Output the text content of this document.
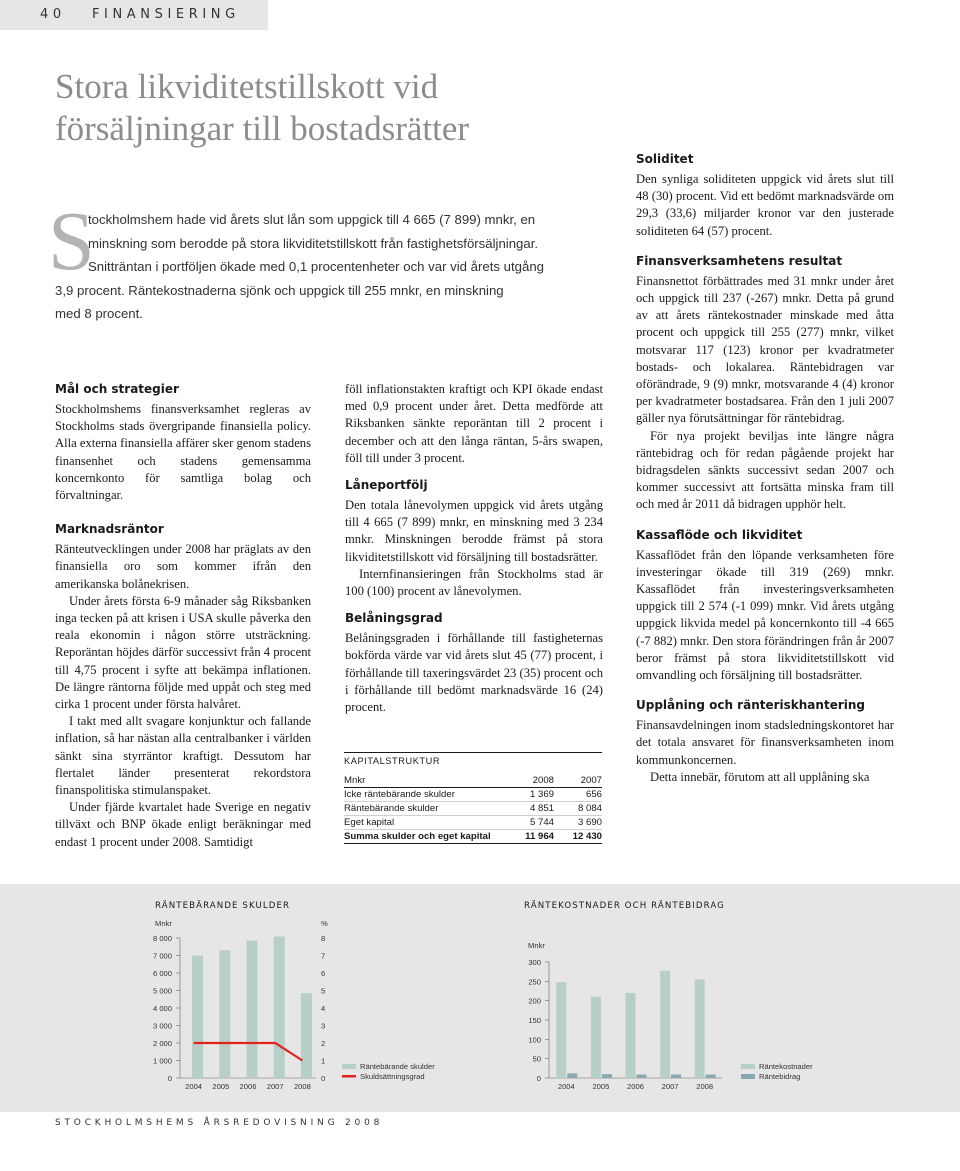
40 FINANSIERING
Stora likviditetstillskott vid
försäljningar till bostadsrätter
S
tockholmshem hade vid årets slut lån som uppgick till 4 665 (7 899) mnkr, en
minskning som berodde på stora likviditetstillskott från fastighetsförsäljningar.
Snitträntan i portföljen ökade med 0,1 procentenheter och var vid årets utgång
3,9 procent. Räntekostnaderna sjönk och uppgick till 255 mnkr, en minskning
med 8 procent.
Mål och strategier

Stockholmshems finansverksamhet regleras av Stockholms stads övergripande finansiella policy. Alla externa finansiella affärer sker genom stadens finansenhet och stadens gemensamma koncernkonto för samtliga bolag och förvaltningar.

Marknadsräntor

Ränteutvecklingen under 2008 har präglats av den finansiella oro som kommer ifrån den amerikanska bolånekrisen.

Under årets första 6-9 månader såg Riksbanken inga tecken på att krisen i USA skulle påverka den reala ekonomin i någon större utsträckning. Reporäntan höjdes därför successivt från 4 procent till 4,75 procent i syfte att bekämpa inflationen. De längre räntorna följde med uppåt och steg med cirka 1 procent under första halvåret.

I takt med allt svagare konjunktur och fallande inflation, så har nästan alla centralbanker i världen sänkt sina styrräntor kraftigt. Dessutom har flertalet länder presenterat rekordstora finanspolitiska stimulanspaket.

Under fjärde kvartalet hade Sverige en negativ tillväxt och BNP ökade enligt beräkningar med endast 1 procent under 2008. Samtidigt

föll inflationstakten kraftigt och KPI ökade endast med 0,9 procent under året. Detta medförde att Riksbanken sänkte reporäntan till 2 procent i december och att den långa räntan, 5-års swapen, föll till under 3 procent.

Låneportfölj

Den totala lånevolymen uppgick vid årets utgång till 4 665 (7 899) mnkr, en minskning med 3 234 mnkr. Minskningen berodde främst på stora likviditetstillskott vid försäljning till bostadsrätter.

Internfinansieringen från Stockholms stad är 100 (100) procent av lånevolymen.

Belåningsgrad

Belåningsgraden i förhållande till fastigheternas bokförda värde var vid årets slut 45 (77) procent, i förhållande till taxeringsvärdet 23 (35) procent och i förhållande till bedömt marknadsvärde 16 (24) procent.

KAPITALSTRUKTUR
Mnkr	2008	2007
Icke räntebärande skulder	1 369	656
Räntebärande skulder	4 851	8 084
Eget kapital	5 744	3 690
Summa skulder och eget kapital	11 964	12 430
Soliditet

Den synliga soliditeten uppgick vid årets slut till 48 (30) procent. Vid ett bedömt marknadsvärde om 29,3 (33,6) miljarder kronor var den justerade soliditeten 64 (57) procent.

Finansverksamhetens resultat

Finansnettot förbättrades med 31 mnkr under året och uppgick till 237 (-267) mnkr. Detta på grund av att årets räntekostnader minskade med åtta procent och uppgick till 255 (277) mnkr, vilket motsvarar 117 (123) kronor per kvadratmeter bostads- och lokalarea. Räntebidragen var oförändrade, 9 (9) mnkr, motsvarande 4 (4) kronor per kvadratmeter bostadsarea. Från den 1 juli 2007 gäller nya förutsättningar för räntebidrag.

För nya projekt beviljas inte längre några räntebidrag och för redan pågående projekt har bidragsdelen sänkts successivt sedan 2007 och kommer successivt att fortsätta minska fram till och med år 2011 då bidragen upphör helt.

Kassaflöde och likviditet

Kassaflödet från den löpande verksamheten före investeringar ökade till 319 (269) mnkr. Kassaflödet från investeringsverksamheten uppgick till 2 574 (-1 099) mnkr. Vid årets utgång uppgick likvida medel på koncernkonto till -4 665 (-7 882) mnkr. Den stora förändringen från år 2007 beror främst på stora likviditetstillskott vid omvandling och försäljning till bostadsrätter.

Upplåning och ränteriskhantering

Finansavdelningen inom stadsledningskontoret har det totala ansvaret för finansverksamheten inom kommunkoncernen.

Detta innebär, förutom att all upplåning ska

RÄNTEBÄRANDE SKULDER	RÄNTEKOSTNADER OCH RÄNTEBIDRAG
Mnkr	%
0
1 000
2 000
3 000
4 000
5 000
6 000
7 000
8 000
0
1
2
3
4
5
6
7
8
2004 2005 2006 2007 2008
Räntebärande skulder
Skuldsättningsgrad
Mnkr
0
50
100
150
200
250
300
2004 2005 2006 2007 2008
Räntekostnader
Räntebidrag
STOCKHOLMSHEMS ÅRSREDOVISNING 2008
